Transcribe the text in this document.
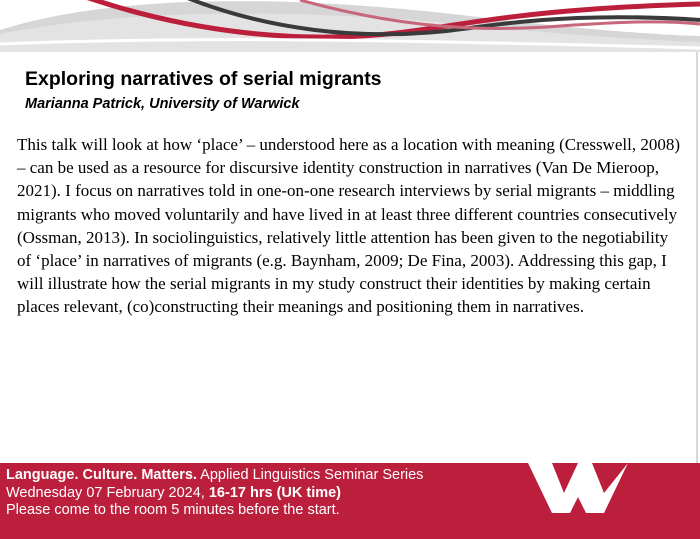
Exploring narratives of serial migrants

Marianna Patrick, University of Warwick

This talk will look at how ‘place’ – understood here as a location with meaning (Cresswell, 2008) – can be used as a resource for discursive identity construction in narratives (Van De Mieroop, 2021). I focus on narratives told in one-on-one research interviews by serial migrants – middling migrants who moved voluntarily and have lived in at least three different countries consecutively (Ossman, 2013). In sociolinguistics, relatively little attention has been given to the negotiability of ‘place’ in narratives of migrants (e.g. Baynham, 2009; De Fina, 2003). Addressing this gap, I will illustrate how the serial migrants in my study construct their identities by making certain places relevant, (co)constructing their meanings and positioning them in narratives.

Language. Culture. Matters. Applied Linguistics Seminar Series
Wednesday 07 February 2024, 16-17 hrs (UK time)
Please come to the room 5 minutes before the start.
